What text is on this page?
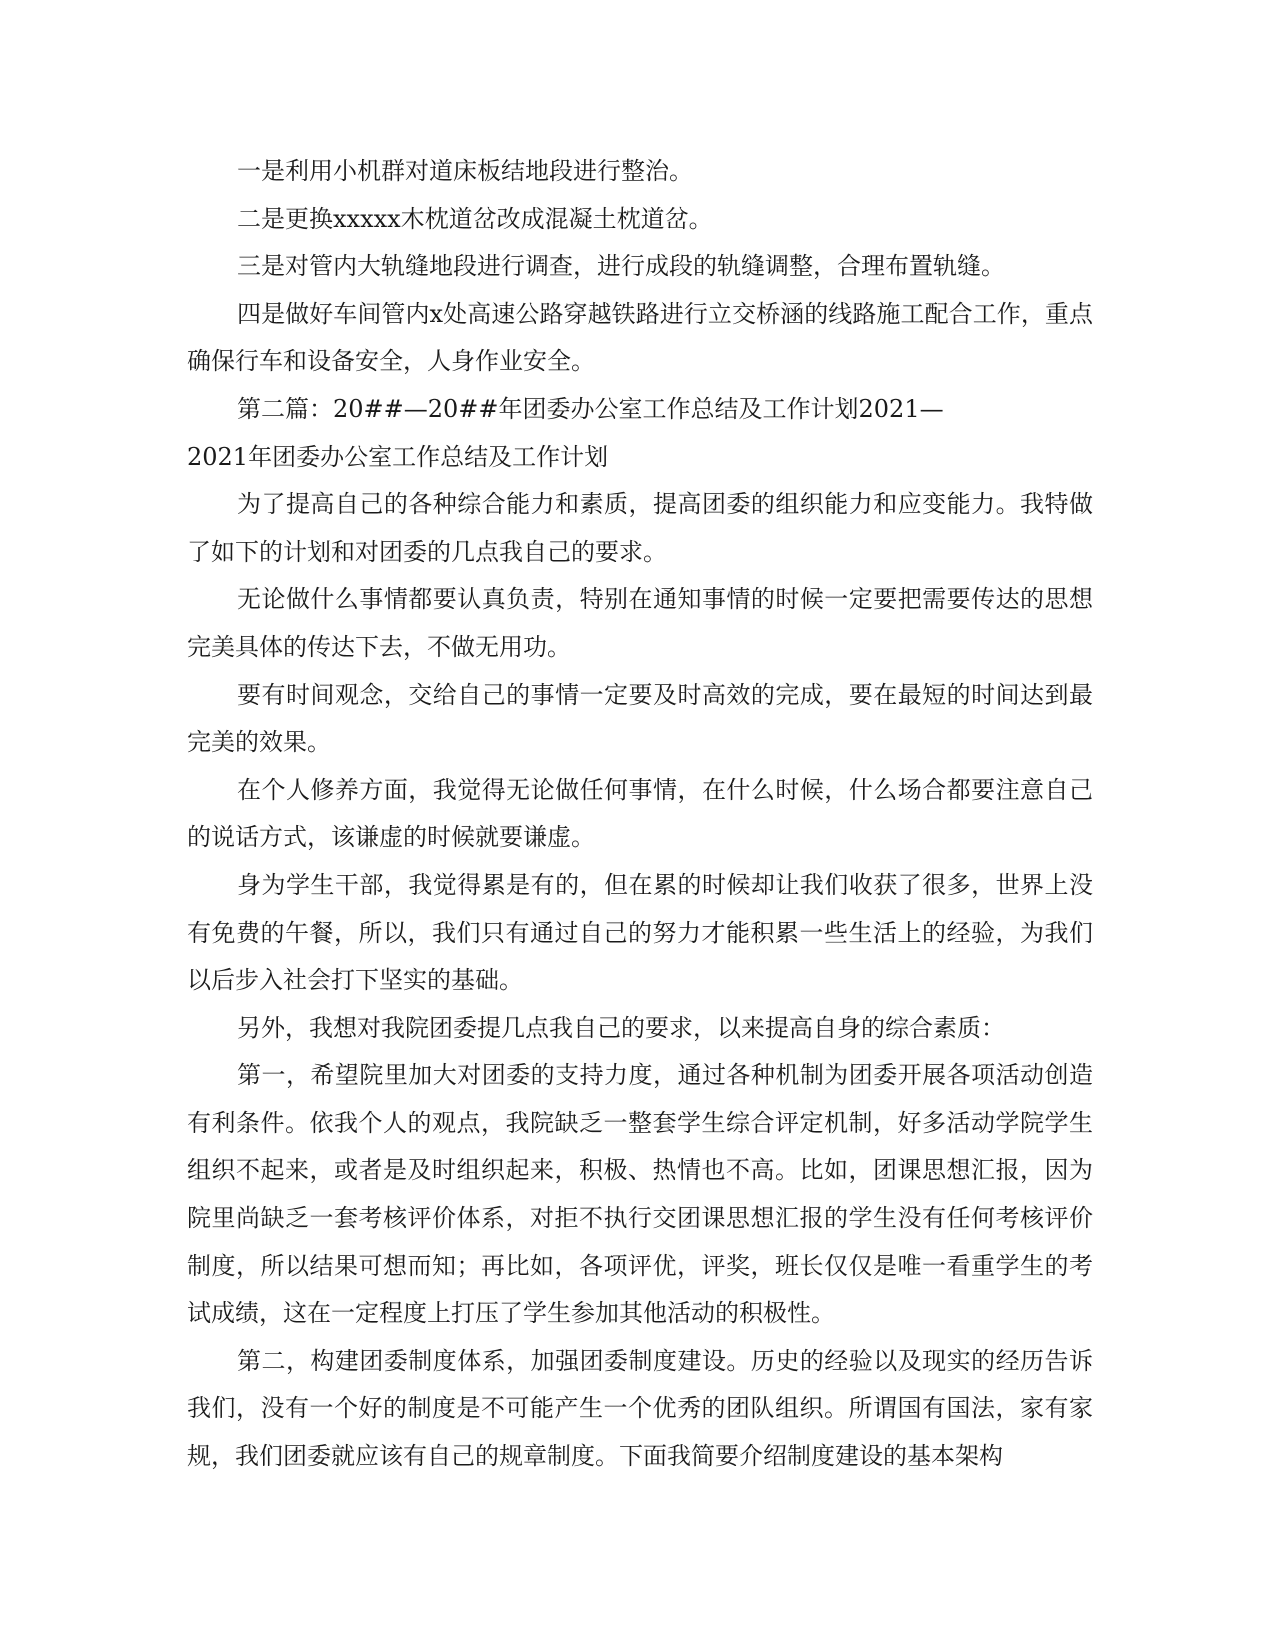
一是利用小机群对道床板结地段进行整治。

二是更换xxxxx木枕道岔改成混凝土枕道岔。

三是对管内大轨缝地段进行调查，进行成段的轨缝调整，合理布置轨缝。

四是做好车间管内x处高速公路穿越铁路进行立交桥涵的线路施工配合工作，重点确保行车和设备安全，人身作业安全。

第二篇：20##—20##年团委办公室工作总结及工作计划2021—

2021年团委办公室工作总结及工作计划

为了提高自己的各种综合能力和素质，提高团委的组织能力和应变能力。我特做了如下的计划和对团委的几点我自己的要求。

无论做什么事情都要认真负责，特别在通知事情的时候一定要把需要传达的思想完美具体的传达下去，不做无用功。

要有时间观念，交给自己的事情一定要及时高效的完成，要在最短的时间达到最完美的效果。

在个人修养方面，我觉得无论做任何事情，在什么时候，什么场合都要注意自己的说话方式，该谦虚的时候就要谦虚。

身为学生干部，我觉得累是有的，但在累的时候却让我们收获了很多，世界上没有免费的午餐，所以，我们只有通过自己的努力才能积累一些生活上的经验，为我们以后步入社会打下坚实的基础。

另外，我想对我院团委提几点我自己的要求，以来提高自身的综合素质：

第一，希望院里加大对团委的支持力度，通过各种机制为团委开展各项活动创造有利条件。依我个人的观点，我院缺乏一整套学生综合评定机制，好多活动学院学生组织不起来，或者是及时组织起来，积极、热情也不高。比如，团课思想汇报，因为院里尚缺乏一套考核评价体系，对拒不执行交团课思想汇报的学生没有任何考核评价制度，所以结果可想而知；再比如，各项评优，评奖，班长仅仅是唯一看重学生的考试成绩，这在一定程度上打压了学生参加其他活动的积极性。

第二，构建团委制度体系，加强团委制度建设。历史的经验以及现实的经历告诉我们，没有一个好的制度是不可能产生一个优秀的团队组织。所谓国有国法，家有家规，我们团委就应该有自己的规章制度。下面我简要介绍制度建设的基本架构
